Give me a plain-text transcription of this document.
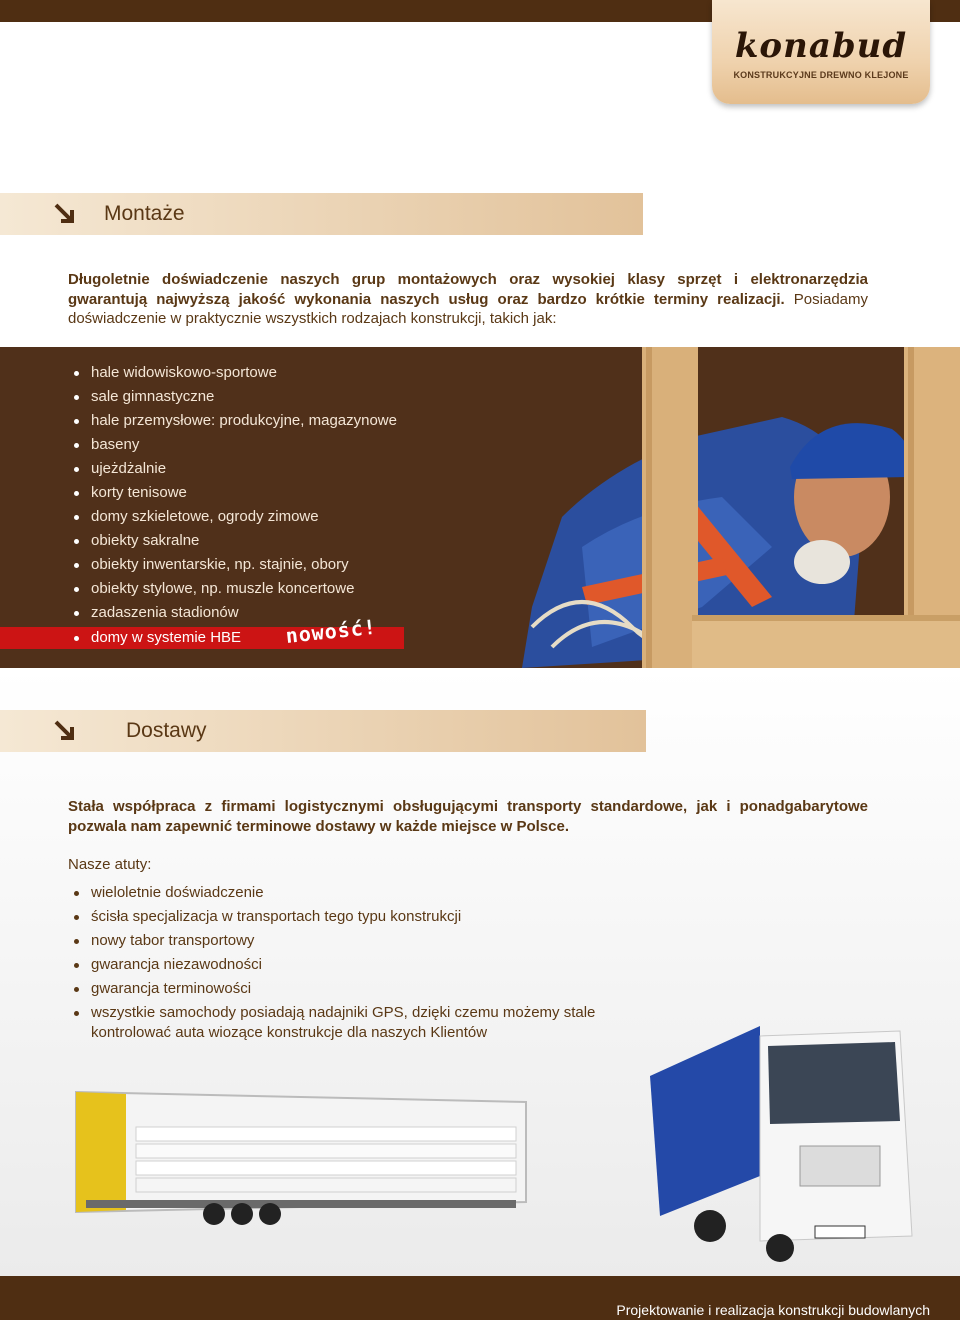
konabud
KONSTRUKCYJNE DREWNO KLEJONE
Montaże

Długoletnie doświadczenie naszych grup montażowych oraz wysokiej klasy sprzęt i elektronarzędzia gwarantują najwyższą jakość wykonania naszych usług oraz bardzo krótkie terminy realizacji. Posiadamy doświadczenie w praktycznie wszystkich rodzajach konstrukcji, takich jak:

hale widowiskowo-sportowe
sale gimnastyczne
hale przemysłowe: produkcyjne, magazynowe
baseny
ujeżdżalnie
korty tenisowe
domy szkieletowe, ogrody zimowe
obiekty sakralne
obiekty inwentarskie, np. stajnie, obory
obiekty stylowe, np. muszle koncertowe
zadaszenia stadionów
domy w systemie HBE nowość!
Dostawy

Stała współpraca z firmami logistycznymi obsługującymi transporty standardowe, jak i ponadgabarytowe pozwala nam zapewnić terminowe dostawy w każde miejsce w Polsce.

Nasze atuty:

wieloletnie doświadczenie
ścisła specjalizacja w transportach tego typu konstrukcji
nowy tabor transportowy
gwarancja niezawodności
gwarancja terminowości
wszystkie samochody posiadają nadajniki GPS, dzięki czemu możemy stale kontrolować auta wiozące konstrukcje dla naszych Klientów
Projektowanie i realizacja konstrukcji budowlanych
